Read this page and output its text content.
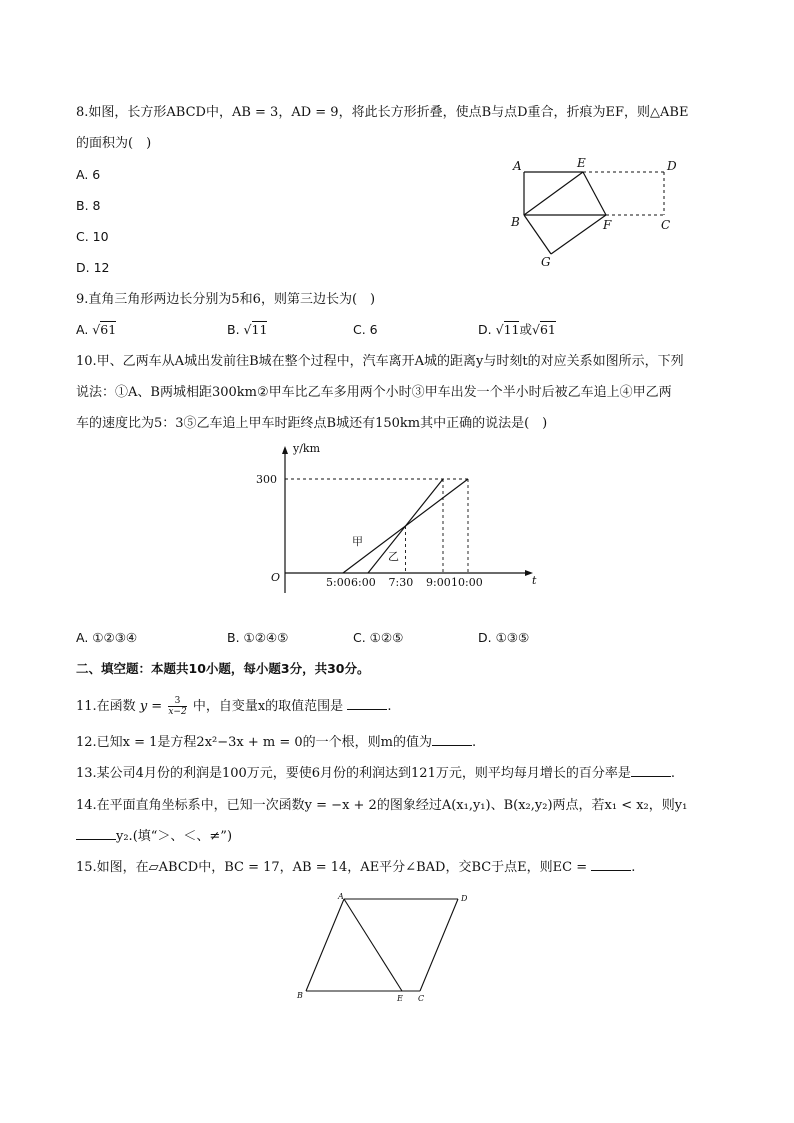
8.如图，长方形ABCD中，AB = 3，AD = 9，将此长方形折叠，使点B与点D重合，折痕为EF，则△ABE
的面积为(　)
A. 6
B. 8
C. 10
D. 12
A	E	D
B	F	C
G
9.直角三角形两边长分别为5和6，则第三边长为(　)
A. √61	B. √11	C. 6	D. √11或√61
10.甲、乙两车从A城出发前往B城在整个过程中，汽车离开A城的距离y与时刻t的对应关系如图所示，下列
说法：①A、B两城相距300km②甲车比乙车多用两个小时③甲车出发一个半小时后被乙车追上④甲乙两
车的速度比为5：3⑤乙车追上甲车时距终点B城还有150km其中正确的说法是(　)
y/km
t
O
300
5:00 6:00 7:30 9:00 10:00
甲
乙
A. ①②③④	B. ①②④⑤	C. ①②⑤	D. ①③⑤
二、填空题：本题共10小题，每小题3分，共30分。
11.在函数 $y = \frac{3}{x-2}$ 中，自变量x的取值范围是	.
12.已知x = 1是方程2x²−3x + m = 0的一个根，则m的值为	.
13.某公司4月份的利润是100万元，要使6月份的利润达到121万元，则平均每月增长的百分率是	.
14.在平面直角坐标系中，已知一次函数y = −x + 2的图象经过A(x₁,y₁)、B(x₂,y₂)两点，若x₁ < x₂，则y₁
y₂.(填“＞、＜、≠”)
15.如图，在▱ABCD中，BC = 17，AB = 14，AE平分∠BAD，交BC于点E，则EC =	.
A	D
B	E C
